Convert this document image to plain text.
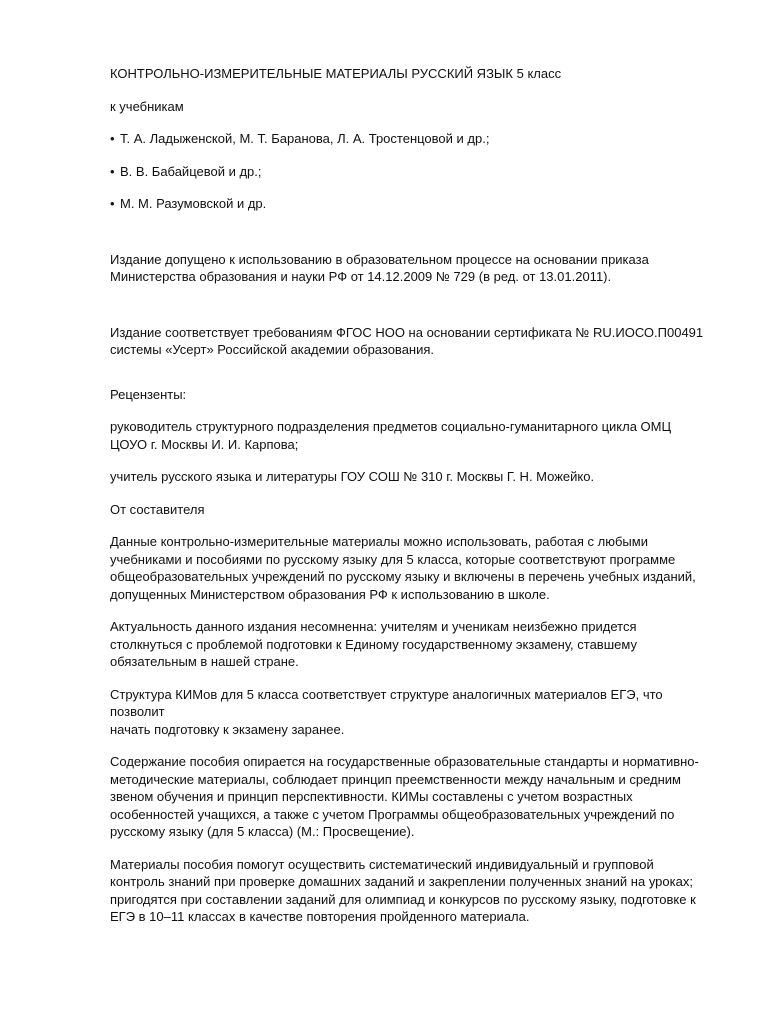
КОНТРОЛЬНО-ИЗМЕРИТЕЛЬНЫЕ МАТЕРИАЛЫ РУССКИЙ ЯЗЫК 5 класс

к учебникам

• Т. А. Ладыженской, М. Т. Баранова, Л. А. Тростенцовой и др.;

• В. В. Бабайцевой и др.;

• М. М. Разумовской и др.

Издание допущено к использованию в образовательном процессе на основании приказа
Министерства образования и науки РФ от 14.12.2009 № 729 (в ред. от 13.01.2011).

Издание соответствует требованиям ФГОС НОО на основании сертификата № RU.ИОСО.П00491
системы «Усерт» Российской академии образования.

Рецензенты:

руководитель структурного подразделения предметов социально-гуманитарного цикла ОМЦ
ЦОУО г. Москвы И. И. Карпова;

учитель русского языка и литературы ГОУ СОШ № 310 г. Москвы Г. Н. Можейко.

От составителя

Данные контрольно-измерительные материалы можно использовать, работая с любыми
учебниками и пособиями по русскому языку для 5 класса, которые соответствуют программе
общеобразовательных учреждений по русскому языку и включены в перечень учебных изданий,
допущенных Министерством образования РФ к использованию в школе.

Актуальность данного издания несомненна: учителям и ученикам неизбежно придется
столкнуться с проблемой подготовки к Единому государственному экзамену, ставшему
обязательным в нашей стране.

Структура КИМов для 5 класса соответствует структуре аналогичных материалов ЕГЭ, что позволит
начать подготовку к экзамену заранее.

Содержание пособия опирается на государственные образовательные стандарты и нормативно-
методические материалы, соблюдает принцип преемственности между начальным и средним
звеном обучения и принцип перспективности. КИМы составлены с учетом возрастных
особенностей учащихся, а также с учетом Программы общеобразовательных учреждений по
русскому языку (для 5 класса) (М.: Просвещение).

Материалы пособия помогут осуществить систематический индивидуальный и групповой
контроль знаний при проверке домашних заданий и закреплении полученных знаний на уроках;
пригодятся при составлении заданий для олимпиад и конкурсов по русскому языку, подготовке к
ЕГЭ в 10–11 классах в качестве повторения пройденного материала.
